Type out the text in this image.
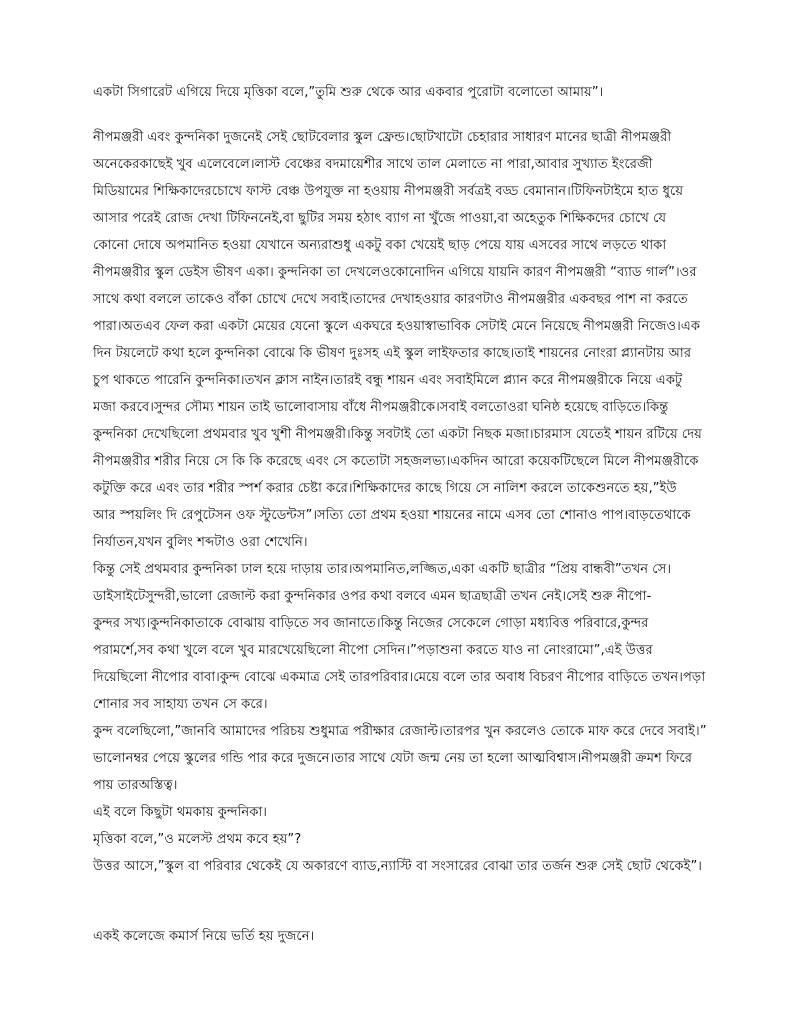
একটা সিগারেট এগিয়ে দিয়ে মৃত্তিকা বলে,”তুমি শুরু থেকে আর একবার পুরোটা বলোতো আমায়”।
নীপমঞ্জরী এবং কুন্দনিকা দুজনেই সেই ছোটবেলার স্কুল ফ্রেন্ড।ছোটখাটো চেহারার সাধারণ মানের ছাত্রী নীপমঞ্জরী
অনেকেরকাছেই খুব এলেবেলে।লাস্ট বেঞ্চের বদমায়েশীর সাথে তাল মেলাতে না পারা,আবার সুখ্যাত ইংরেজী
মিডিয়ামের শিক্ষিকাদেরচোখে ফাস্ট বেঞ্চ উপযুক্ত না হওয়ায় নীপমঞ্জরী সর্বত্রই বড্ড বেমানান।টিফিনটাইমে হাত ধুয়ে
আসার পরেই রোজ দেখা টিফিননেই,বা ছুটির সময় হঠাৎ ব্যাগ না খুঁজে পাওয়া,বা অহেতুক শিক্ষিকদের চোখে যে
কোনো দোষে অপমানিত হওয়া যেখানে অন্যরাশুধু একটু বকা খেয়েই ছাড় পেয়ে যায় এসবের সাথে লড়তে থাকা
নীপমঞ্জরীর স্কুল ডেইস ভীষণ একা। কুন্দনিকা তা দেখলেওকোনোদিন এগিয়ে যায়নি কারণ নীপমঞ্জরী “ব্যাড গার্ল”।ওর
সাথে কথা বললে তাকেও বাঁকা চোখে দেখে সবাই।তাদের দেখাহওয়ার কারণটাও নীপমঞ্জরীর একবছর পাশ না করতে
পারা।অতএব ফেল করা একটা মেয়ের যেনো স্কুলে একঘরে হওয়াস্বাভাবিক সেটাই মেনে নিয়েছে নীপমঞ্জরী নিজেও।এক
দিন টয়লেটে কথা হলে কুন্দনিকা বোঝে কি ভীষণ দুঃসহ এই স্কুল লাইফতার কাছে।তাই শায়নের নোংরা প্ল্যানটায় আর
চুপ থাকতে পারেনি কুন্দনিকা।তখন ক্লাস নাইন।তারই বন্ধু শায়ন এবং সবাইমিলে প্ল্যান করে নীপমঞ্জরীকে নিয়ে একটু
মজা করবে।সুন্দর সৌম্য শায়ন তাই ভালোবাসায় বাঁধে নীপমঞ্জরীকে।সবাই বলতোওরা ঘনিষ্ঠ হয়েছে বাড়িতে।কিন্তু
কুন্দনিকা দেখেছিলো প্রথমবার খুব খুশী নীপমঞ্জরী।কিন্তু সবটাই তো একটা নিছক মজা।চারমাস যেতেই শায়ন রটিয়ে দেয়
নীপমঞ্জরীর শরীর নিয়ে সে কি কি করেছে এবং সে কতোটা সহজলভ্য।একদিন আরো কয়েকটিছেলে মিলে নীপমঞ্জরীকে
কটুক্তি করে এবং তার শরীর স্পর্শ করার চেষ্টা করে।শিক্ষিকাদের কাছে গিয়ে সে নালিশ করলে তাকেশুনতে হয়,”ইউ
আর স্পয়লিং দি রেপুটেসন ওফ স্টুডেন্টস”।সত্যি তো প্রথম হওয়া শায়নের নামে এসব তো শোনাও পাপ।বাড়তেথাকে
নির্যাতন,যখন বুলিং শব্দটাও ওরা শেখেনি।
কিন্তু সেই প্রথমবার কুন্দনিকা ঢাল হয়ে দাড়ায় তার।অপমানিত,লজ্জিত,একা একটি ছাত্রীর “প্রিয় বান্ধবী”তখন সে।
ডাইসাইটেসুন্দরী,ভালো রেজাল্ট করা কুন্দনিকার ওপর কথা বলবে এমন ছাত্রছাত্রী তখন নেই।সেই শুরু নীপো-
কুন্দর সখ্য।কুন্দনিকাতাকে বোঝায় বাড়িতে সব জানাতে।কিন্তু নিজের সেকেলে গোড়া মধ্যবিত্ত পরিবারে,কুন্দর
পরামর্শে,সব কথা খুলে বলে খুব মারখেয়েছিলো নীপো সেদিন।”পড়াশুনা করতে যাও না নোংরামো”,এই উত্তর
দিয়েছিলো নীপোর বাবা।কুন্দ বোঝে একমাত্র সেই তারপরিবার।মেয়ে বলে তার অবাধ বিচরণ নীপোর বাড়িতে তখন।পড়া
শোনার সব সাহায্য তখন সে করে।
কুন্দ বলেছিলো,”জানবি আমাদের পরিচয় শুধুমাত্র পরীক্ষার রেজাল্ট।তারপর খুন করলেও তোকে মাফ করে দেবে সবাই।”
ভালোনম্বর পেয়ে স্কুলের গন্ডি পার করে দুজনে।তার সাথে যেটা জন্ম নেয় তা হলো আত্মবিশ্বাস।নীপমঞ্জরী ক্রমশ ফিরে
পায় তারঅস্তিত্ব।
এই বলে কিছুটা থমকায় কুন্দনিকা।
মৃত্তিকা বলে,”ও মলেস্ট প্রথম কবে হয়”?
উত্তর আসে,”স্কুল বা পরিবার থেকেই যে অকারণে ব্যাড,ন্যাস্টি বা সংসারের বোঝা তার তর্জন শুরু সেই ছোট থেকেই”।
একই কলেজে কমার্স নিয়ে ভর্তি হয় দুজনে।
